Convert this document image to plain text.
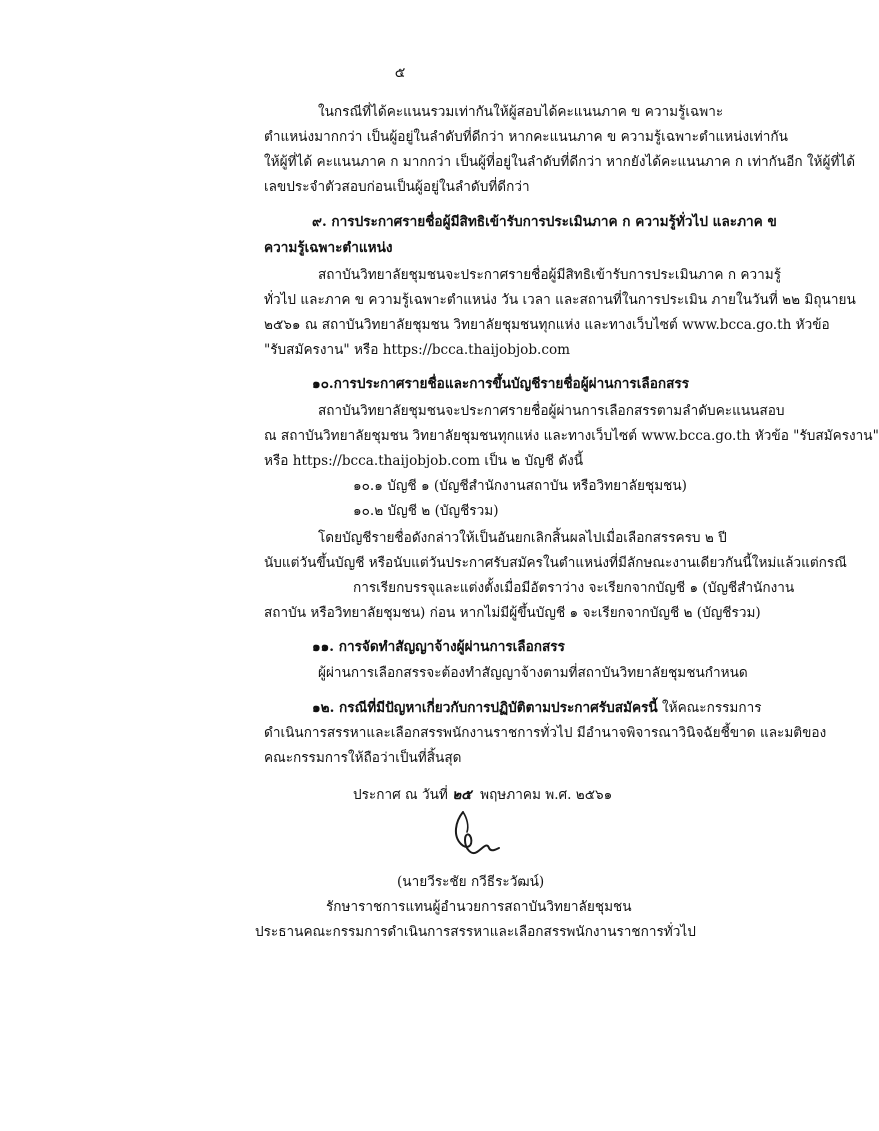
๕
ในกรณีที่ได้คะแนนรวมเท่ากันให้ผู้สอบได้คะแนนภาค ข ความรู้เฉพาะ
ตำแหน่งมากกว่า เป็นผู้อยู่ในลำดับที่ดีกว่า หากคะแนนภาค ข ความรู้เฉพาะตำแหน่งเท่ากัน
ให้ผู้ที่ได้ คะแนนภาค ก มากกว่า เป็นผู้ที่อยู่ในลำดับที่ดีกว่า หากยังได้คะแนนภาค ก เท่ากันอีก ให้ผู้ที่ได้
เลขประจำตัวสอบก่อนเป็นผู้อยู่ในลำดับที่ดีกว่า
๙. การประกาศรายชื่อผู้มีสิทธิเข้ารับการประเมินภาค ก ความรู้ทั่วไป และภาค ข
ความรู้เฉพาะตำแหน่ง
สถาบันวิทยาลัยชุมชนจะประกาศรายชื่อผู้มีสิทธิเข้ารับการประเมินภาค ก ความรู้
ทั่วไป และภาค ข ความรู้เฉพาะตำแหน่ง วัน เวลา และสถานที่ในการประเมิน ภายในวันที่ ๒๒ มิถุนายน
๒๕๖๑ ณ สถาบันวิทยาลัยชุมชน วิทยาลัยชุมชนทุกแห่ง และทางเว็บไซต์ www.bcca.go.th หัวข้อ
"รับสมัครงาน" หรือ https://bcca.thaijobjob.com
๑๐.การประกาศรายชื่อและการขึ้นบัญชีรายชื่อผู้ผ่านการเลือกสรร
สถาบันวิทยาลัยชุมชนจะประกาศรายชื่อผู้ผ่านการเลือกสรรตามลำดับคะแนนสอบ
ณ สถาบันวิทยาลัยชุมชน วิทยาลัยชุมชนทุกแห่ง และทางเว็บไซต์ www.bcca.go.th หัวข้อ "รับสมัครงาน"
หรือ https://bcca.thaijobjob.com เป็น ๒ บัญชี ดังนี้
๑๐.๑ บัญชี ๑ (บัญชีสำนักงานสถาบัน หรือวิทยาลัยชุมชน)
๑๐.๒ บัญชี ๒ (บัญชีรวม)
โดยบัญชีรายชื่อดังกล่าวให้เป็นอันยกเลิกสิ้นผลไปเมื่อเลือกสรรครบ ๒ ปี
นับแต่วันขึ้นบัญชี หรือนับแต่วันประกาศรับสมัครในตำแหน่งที่มีลักษณะงานเดียวกันนี้ใหม่แล้วแต่กรณี
การเรียกบรรจุและแต่งตั้งเมื่อมีอัตราว่าง จะเรียกจากบัญชี ๑ (บัญชีสำนักงาน
สถาบัน หรือวิทยาลัยชุมชน) ก่อน หากไม่มีผู้ขึ้นบัญชี ๑ จะเรียกจากบัญชี ๒ (บัญชีรวม)
๑๑. การจัดทำสัญญาจ้างผู้ผ่านการเลือกสรร
ผู้ผ่านการเลือกสรรจะต้องทำสัญญาจ้างตามที่สถาบันวิทยาลัยชุมชนกำหนด
๑๒. กรณีที่มีปัญหาเกี่ยวกับการปฏิบัติตามประกาศรับสมัครนี้ ให้คณะกรรมการ
ดำเนินการสรรหาและเลือกสรรพนักงานราชการทั่วไป มีอำนาจพิจารณาวินิจฉัยชี้ขาด และมติของ
คณะกรรมการให้ถือว่าเป็นที่สิ้นสุด
ประกาศ ณ วันที่ ๒๕ พฤษภาคม พ.ศ. ๒๕๖๑
(นายวีระชัย กวีธีระวัฒน์)
รักษาราชการแทนผู้อำนวยการสถาบันวิทยาลัยชุมชน
ประธานคณะกรรมการดำเนินการสรรหาและเลือกสรรพนักงานราชการทั่วไป
